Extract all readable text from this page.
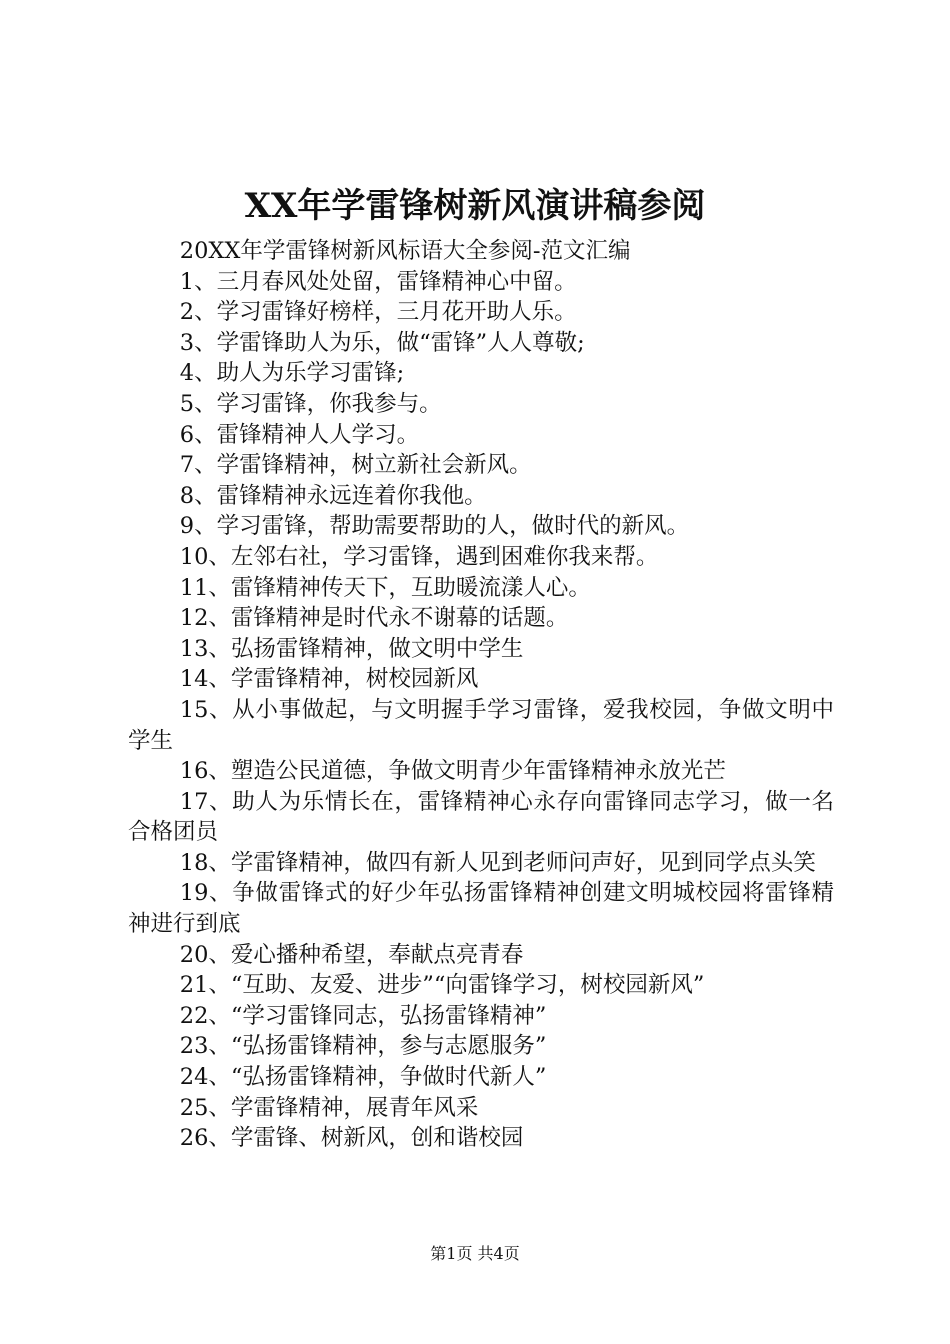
XX年学雷锋树新风演讲稿参阅

20XX年学雷锋树新风标语大全参阅-范文汇编

1、三月春风处处留，雷锋精神心中留。

2、学习雷锋好榜样，三月花开助人乐。

3、学雷锋助人为乐，做“雷锋”人人尊敬;

4、助人为乐学习雷锋;

5、学习雷锋，你我参与。

6、雷锋精神人人学习。

7、学雷锋精神，树立新社会新风。

8、雷锋精神永远连着你我他。

9、学习雷锋，帮助需要帮助的人，做时代的新风。

10、左邻右社，学习雷锋，遇到困难你我来帮。

11、雷锋精神传天下，互助暖流漾人心。

12、雷锋精神是时代永不谢幕的话题。

13、弘扬雷锋精神，做文明中学生

14、学雷锋精神，树校园新风

15、从小事做起，与文明握手学习雷锋，爱我校园，争做文明中学生

16、塑造公民道德，争做文明青少年雷锋精神永放光芒

17、助人为乐情长在，雷锋精神心永存向雷锋同志学习，做一名合格团员

18、学雷锋精神，做四有新人见到老师问声好，见到同学点头笑

19、争做雷锋式的好少年弘扬雷锋精神创建文明城校园将雷锋精神进行到底

20、爱心播种希望，奉献点亮青春

21、“互助、友爱、进步”“向雷锋学习，树校园新风”

22、“学习雷锋同志，弘扬雷锋精神”

23、“弘扬雷锋精神，参与志愿服务”

24、“弘扬雷锋精神，争做时代新人”

25、学雷锋精神，展青年风采

26、学雷锋、树新风，创和谐校园

第1页 共4页
